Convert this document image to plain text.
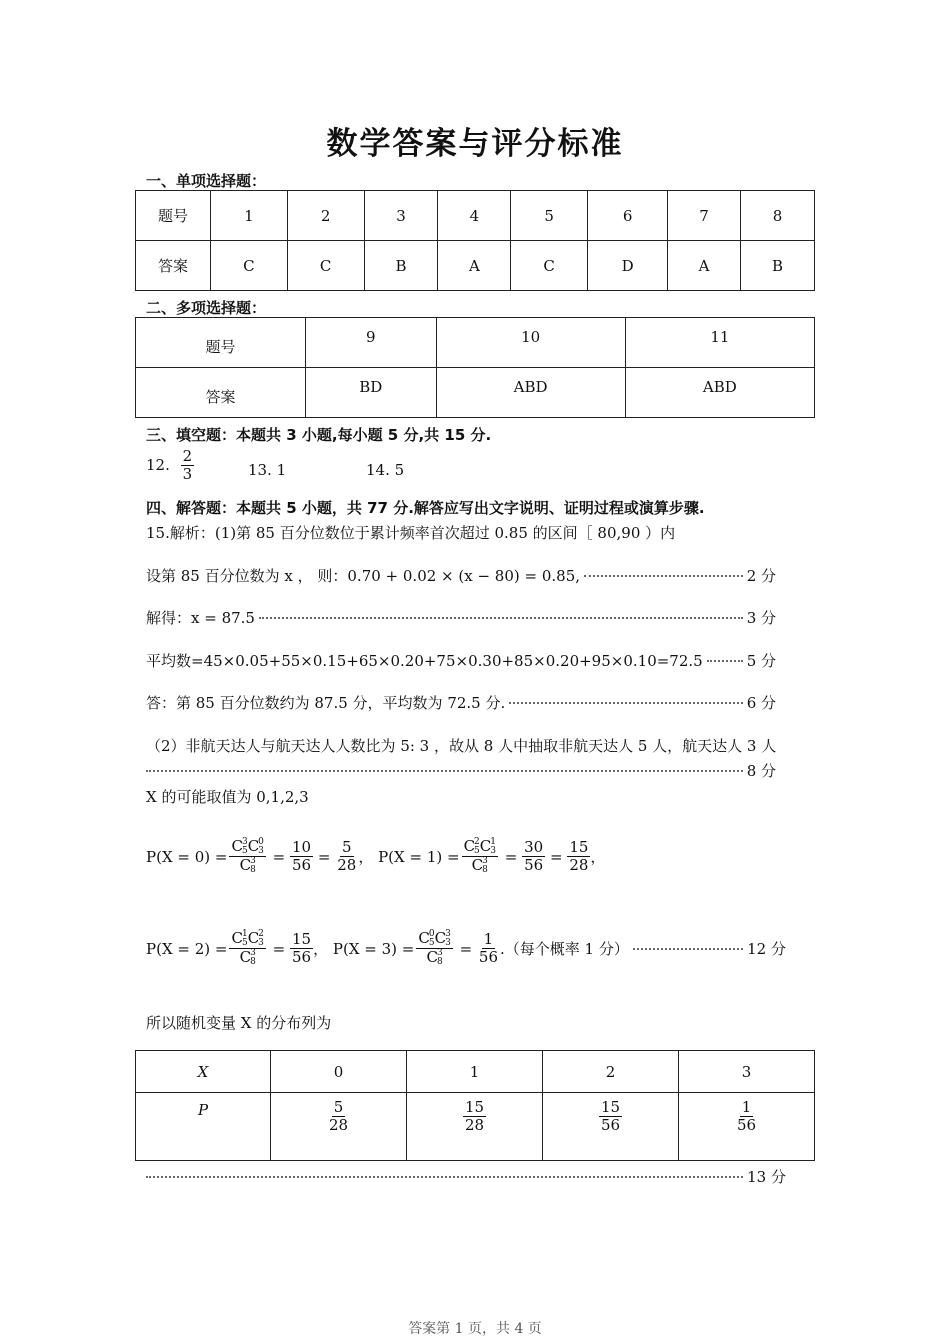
数学答案与评分标准
一、单项选择题：
题号	1	2	3	4	5	6	7	8
答案	C	C	B	A	C	D	A	B
二、多项选择题：
题号	9	10	11
答案	BD	ABD	ABD
三、填空题：本题共 3 小题,每小题 5 分,共 15 分.
12. $\frac{2}{3}$	13. 1	14. 5
四、解答题：本题共 5 小题，共 77 分.解答应写出文字说明、证明过程或演算步骤.
15.解析：(1)第 85 百分位数位于累计频率首次超过 0.85 的区间［ 80,90 ）内
设第 85 百分位数为 x ， 则：0.70 + 0.02 × (x − 80) = 0.85,	2 分
解得：x = 87.5	3 分
平均数=45×0.05+55×0.15+65×0.20+75×0.30+85×0.20+95×0.10=72.5	5 分
答：第 85 百分位数约为 87.5 分，平均数为 72.5 分.	6 分
（2）非航天达人与航天达人人数比为 5: 3 ，故从 8 人中抽取非航天达人 5 人，航天达人 3 人
8 分
X 的可能取值为 0,1,2,3
P(X = 0) = C 3
5 C 0
3
C 3
$8 = \frac{10}{56} = \frac{5}{28}$ ， P(X = 1) = C 2
5 C 1
3
C 3
$8 = \frac{30}{56} = \frac{15}{28}$ ，
P(X = 2) = C 1
5 C 2
3
C 3
$8 = \frac{15}{56}$ ， P(X = 3) = C 0
5 C 3
3
C 3
$8 = \frac{1}{56}$ . （每个概率 1 分）	12 分
所以随机变量 X 的分布列为
X	0	1	2	3
P	$\frac{5}{28}$	$\frac{15}{28}$	$\frac{15}{56}$	$\frac{1}{56}$
13 分
答案第 1 页，共 4 页
